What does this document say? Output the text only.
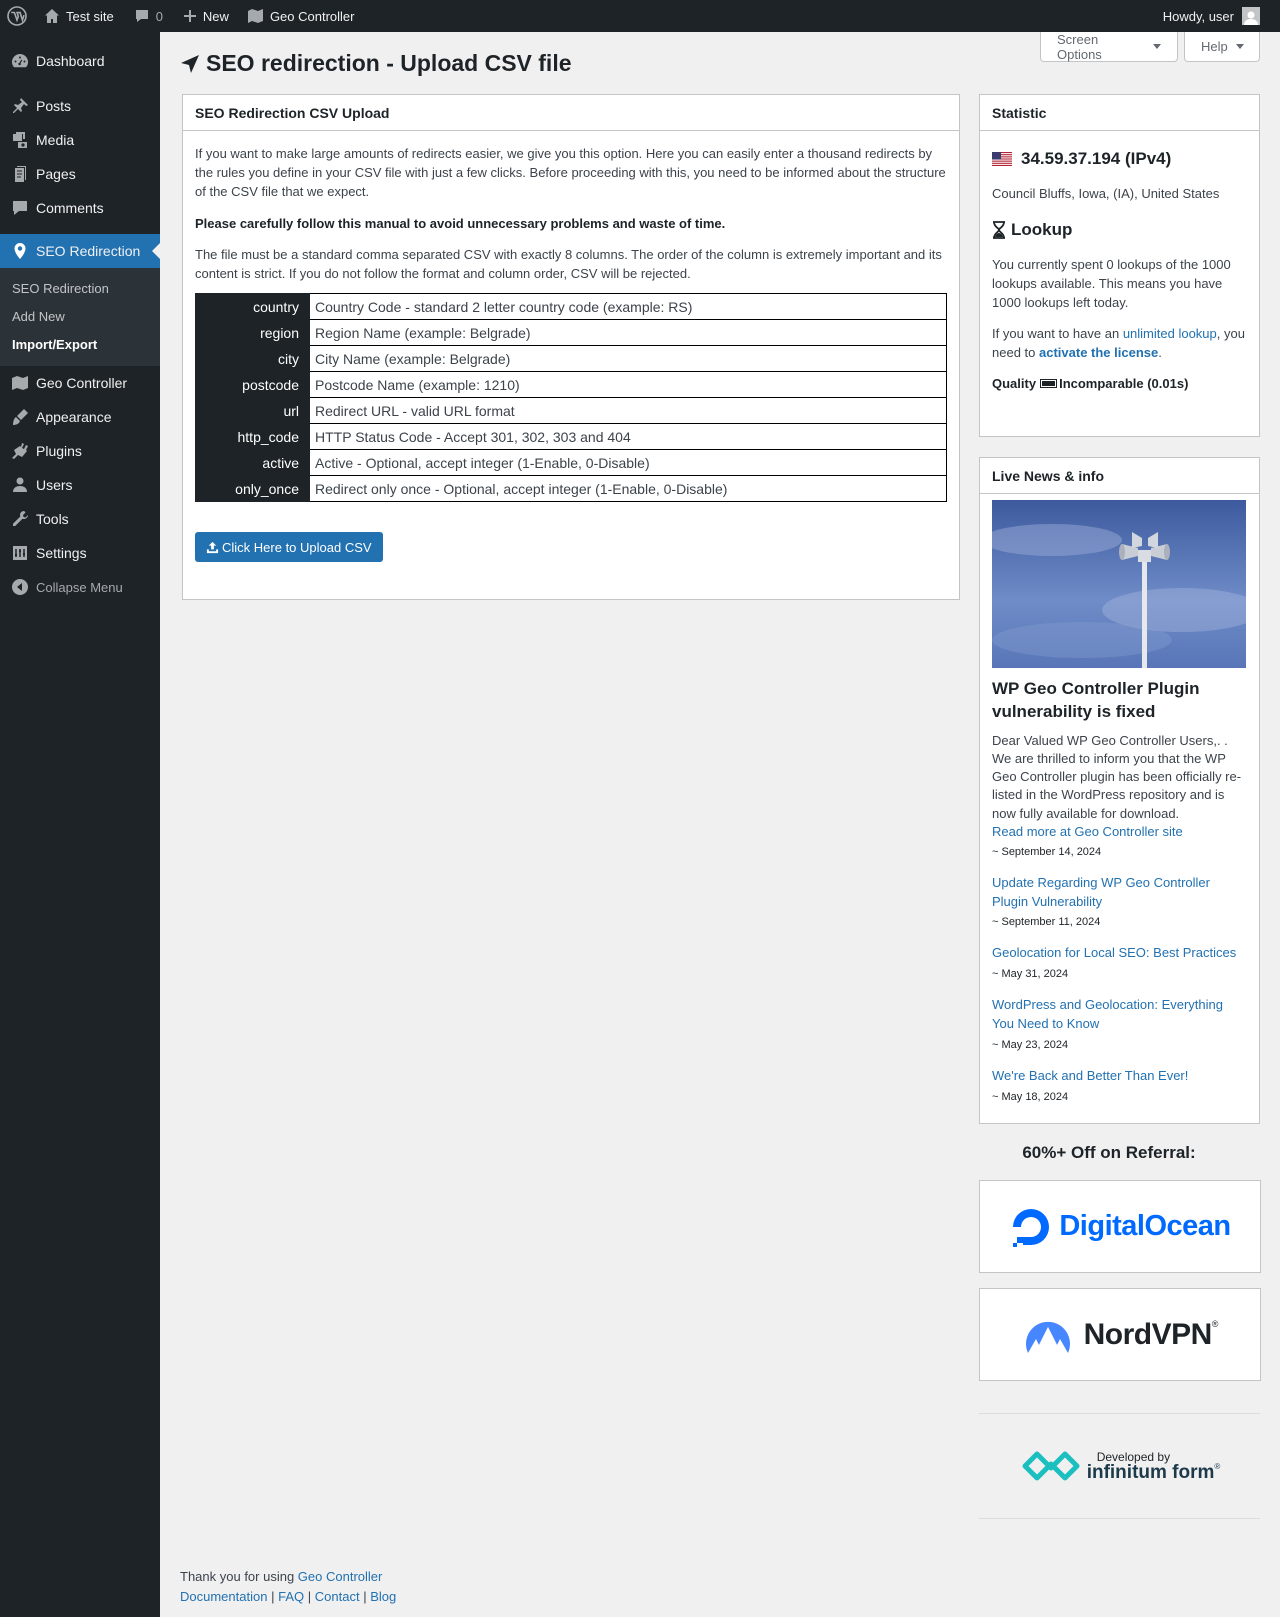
Test site	0	New	Geo Controller	Howdy, user
Dashboard
Posts
Media
Pages
Comments
SEO Redirection
SEO Redirection
Add New
Import/Export
Geo Controller
Appearance
Plugins
Users
Tools
Settings
Collapse Menu
Screen Options	Help
SEO redirection - Upload CSV file
SEO Redirection CSV Upload

If you want to make large amounts of redirects easier, we give you this option. Here you can easily enter a thousand redirects by the rules you define in your CSV file with just a few clicks. Before proceeding with this, you need to be informed about the structure of the CSV file that we expect.

Please carefully follow this manual to avoid unnecessary problems and waste of time.

The file must be a standard comma separated CSV with exactly 8 columns. The order of the column is extremely important and its content is strict. If you do not follow the format and column order, CSV will be rejected.

country	Country Code - standard 2 letter country code (example: RS)
region	Region Name (example: Belgrade)
city	City Name (example: Belgrade)
postcode	Postcode Name (example: 1210)
url	Redirect URL - valid URL format
http_code	HTTP Status Code - Accept 301, 302, 303 and 404
active	Active - Optional, accept integer (1-Enable, 0-Disable)
only_once	Redirect only once - Optional, accept integer (1-Enable, 0-Disable)
Click Here to Upload CSV
Statistic
34.59.37.194 (IPv4)

Council Bluffs, Iowa, (IA), United States

Lookup

You currently spent 0 lookups of the 1000 lookups available. This means you have 1000 lookups left today.

If you want to have an unlimited lookup, you need to activate the license.

Quality Incomparable (0.01s)
Live News & info
WP Geo Controller Plugin vulnerability is fixed
Dear Valued WP Geo Controller Users,. . We are thrilled to inform you that the WP Geo Controller plugin has been officially re-listed in the WordPress repository and is now fully available for download.
Read more at Geo Controller site
~ September 14, 2024
Update Regarding WP Geo Controller Plugin Vulnerability
~ September 11, 2024
Geolocation for Local SEO: Best Practices
~ May 31, 2024
WordPress and Geolocation: Everything You Need to Know
~ May 23, 2024
We're Back and Better Than Ever!
~ May 18, 2024
60%+ Off on Referral:
DigitalOcean
NordVPN ®
Developed by
infinitum form ®
Thank you for using Geo Controller
Documentation | FAQ | Contact | Blog
